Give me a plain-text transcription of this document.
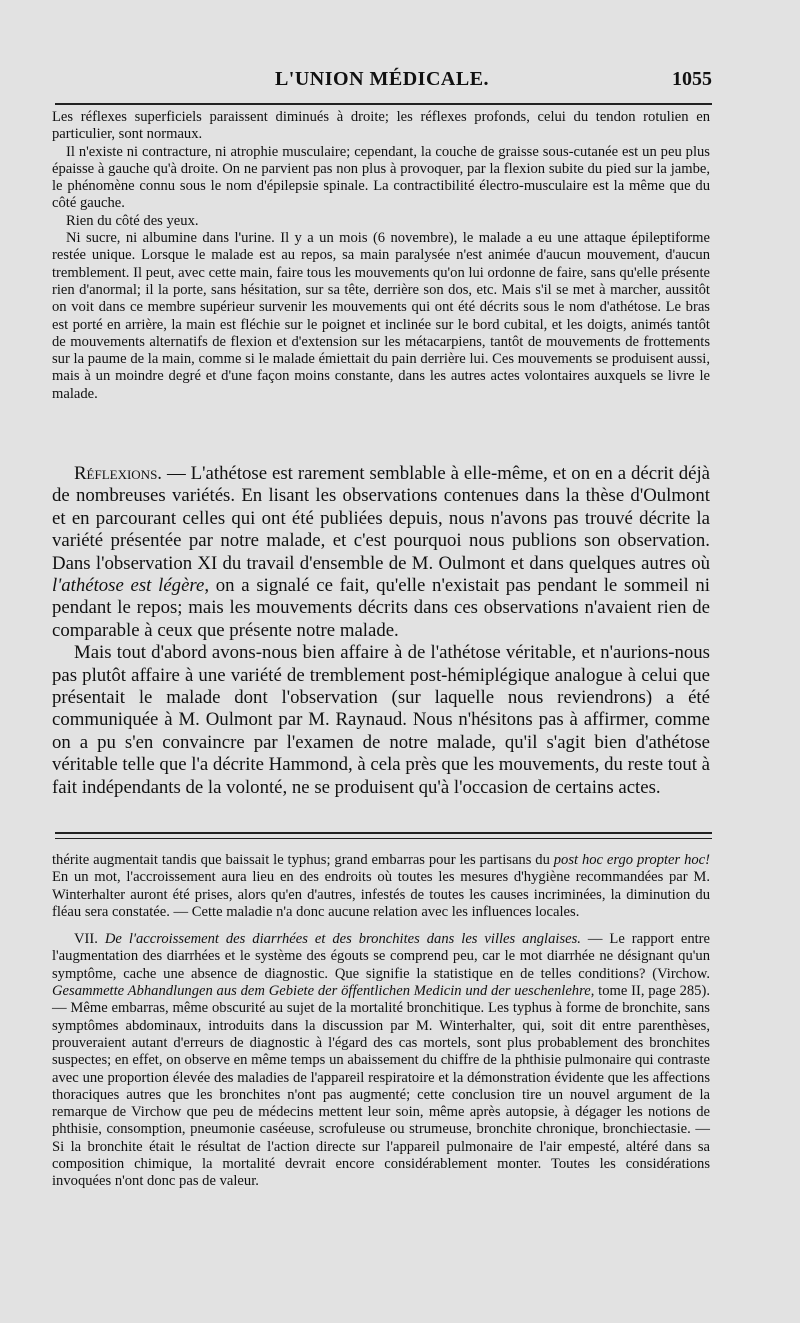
L'UNION MÉDICALE.	1055

Les réflexes superficiels paraissent diminués à droite; les réflexes profonds, celui du tendon rotulien en particulier, sont normaux.

Il n'existe ni contracture, ni atrophie musculaire; cependant, la couche de graisse sous-cutanée est un peu plus épaisse à gauche qu'à droite. On ne parvient pas non plus à provoquer, par la flexion subite du pied sur la jambe, le phénomène connu sous le nom d'épilepsie spinale. La contractibilité électro-musculaire est la même que du côté gauche.

Rien du côté des yeux.

Ni sucre, ni albumine dans l'urine. Il y a un mois (6 novembre), le malade a eu une attaque épileptiforme restée unique. Lorsque le malade est au repos, sa main paralysée n'est animée d'aucun mouvement, d'aucun tremblement. Il peut, avec cette main, faire tous les mouvements qu'on lui ordonne de faire, sans qu'elle présente rien d'anormal; il la porte, sans hésitation, sur sa tête, derrière son dos, etc. Mais s'il se met à marcher, aussitôt on voit dans ce membre supérieur survenir les mouvements qui ont été décrits sous le nom d'athétose. Le bras est porté en arrière, la main est fléchie sur le poignet et inclinée sur le bord cubital, et les doigts, animés tantôt de mouvements alternatifs de flexion et d'extension sur les métacarpiens, tantôt de mouvements de frottements sur la paume de la main, comme si le malade émiettait du pain derrière lui. Ces mouvements se produisent aussi, mais à un moindre degré et d'une façon moins constante, dans les autres actes volontaires auxquels se livre le malade.

Réflexions. — L'athétose est rarement semblable à elle-même, et on en a décrit déjà de nombreuses variétés. En lisant les observations contenues dans la thèse d'Oulmont et en parcourant celles qui ont été publiées depuis, nous n'avons pas trouvé décrite la variété présentée par notre malade, et c'est pourquoi nous publions son observation. Dans l'observation XI du travail d'ensemble de M. Oulmont et dans quelques autres où l'athétose est légère, on a signalé ce fait, qu'elle n'existait pas pendant le sommeil ni pendant le repos; mais les mouvements décrits dans ces observations n'avaient rien de comparable à ceux que présente notre malade.

Mais tout d'abord avons-nous bien affaire à de l'athétose véritable, et n'aurions-nous pas plutôt affaire à une variété de tremblement post-hémiplégique analogue à celui que présentait le malade dont l'observation (sur laquelle nous reviendrons) a été communiquée à M. Oulmont par M. Raynaud. Nous n'hésitons pas à affirmer, comme on a pu s'en convaincre par l'examen de notre malade, qu'il s'agit bien d'athétose véritable telle que l'a décrite Hammond, à cela près que les mouvements, du reste tout à fait indépendants de la volonté, ne se produisent qu'à l'occasion de certains actes.

thérite augmentait tandis que baissait le typhus; grand embarras pour les partisans du post hoc ergo propter hoc! En un mot, l'accroissement aura lieu en des endroits où toutes les mesures d'hygiène recommandées par M. Winterhalter auront été prises, alors qu'en d'autres, infestés de toutes les causes incriminées, la diminution du fléau sera constatée. — Cette maladie n'a donc aucune relation avec les influences locales.

VII. De l'accroissement des diarrhées et des bronchites dans les villes anglaises. — Le rapport entre l'augmentation des diarrhées et le système des égouts se comprend peu, car le mot diarrhée ne désignant qu'un symptôme, cache une absence de diagnostic. Que signifie la statistique en de telles conditions? (Virchow. Gesammette Abhandlungen aus dem Gebiete der öffentlichen Medicin und der ueschenlehre, tome II, page 285). — Même embarras, même obscurité au sujet de la mortalité bronchitique. Les typhus à forme de bronchite, sans symptômes abdominaux, introduits dans la discussion par M. Winterhalter, qui, soit dit entre parenthèses, prouveraient autant d'erreurs de diagnostic à l'égard des cas mortels, sont plus probablement des bronchites suspectes; en effet, on observe en même temps un abaissement du chiffre de la phthisie pulmonaire qui contraste avec une proportion élevée des maladies de l'appareil respiratoire et la démonstration évidente que les affections thoraciques autres que les bronchites n'ont pas augmenté; cette conclusion tire un nouvel argument de la remarque de Virchow que peu de médecins mettent leur soin, même après autopsie, à dégager les notions de phthisie, consomption, pneumonie caséeuse, scrofuleuse ou strumeuse, bronchite chronique, bronchiectasie. — Si la bronchite était le résultat de l'action directe sur l'appareil pulmonaire de l'air empesté, altéré dans sa composition chimique, la mortalité devrait encore considérablement monter. Toutes les considérations invoquées n'ont donc pas de valeur.
